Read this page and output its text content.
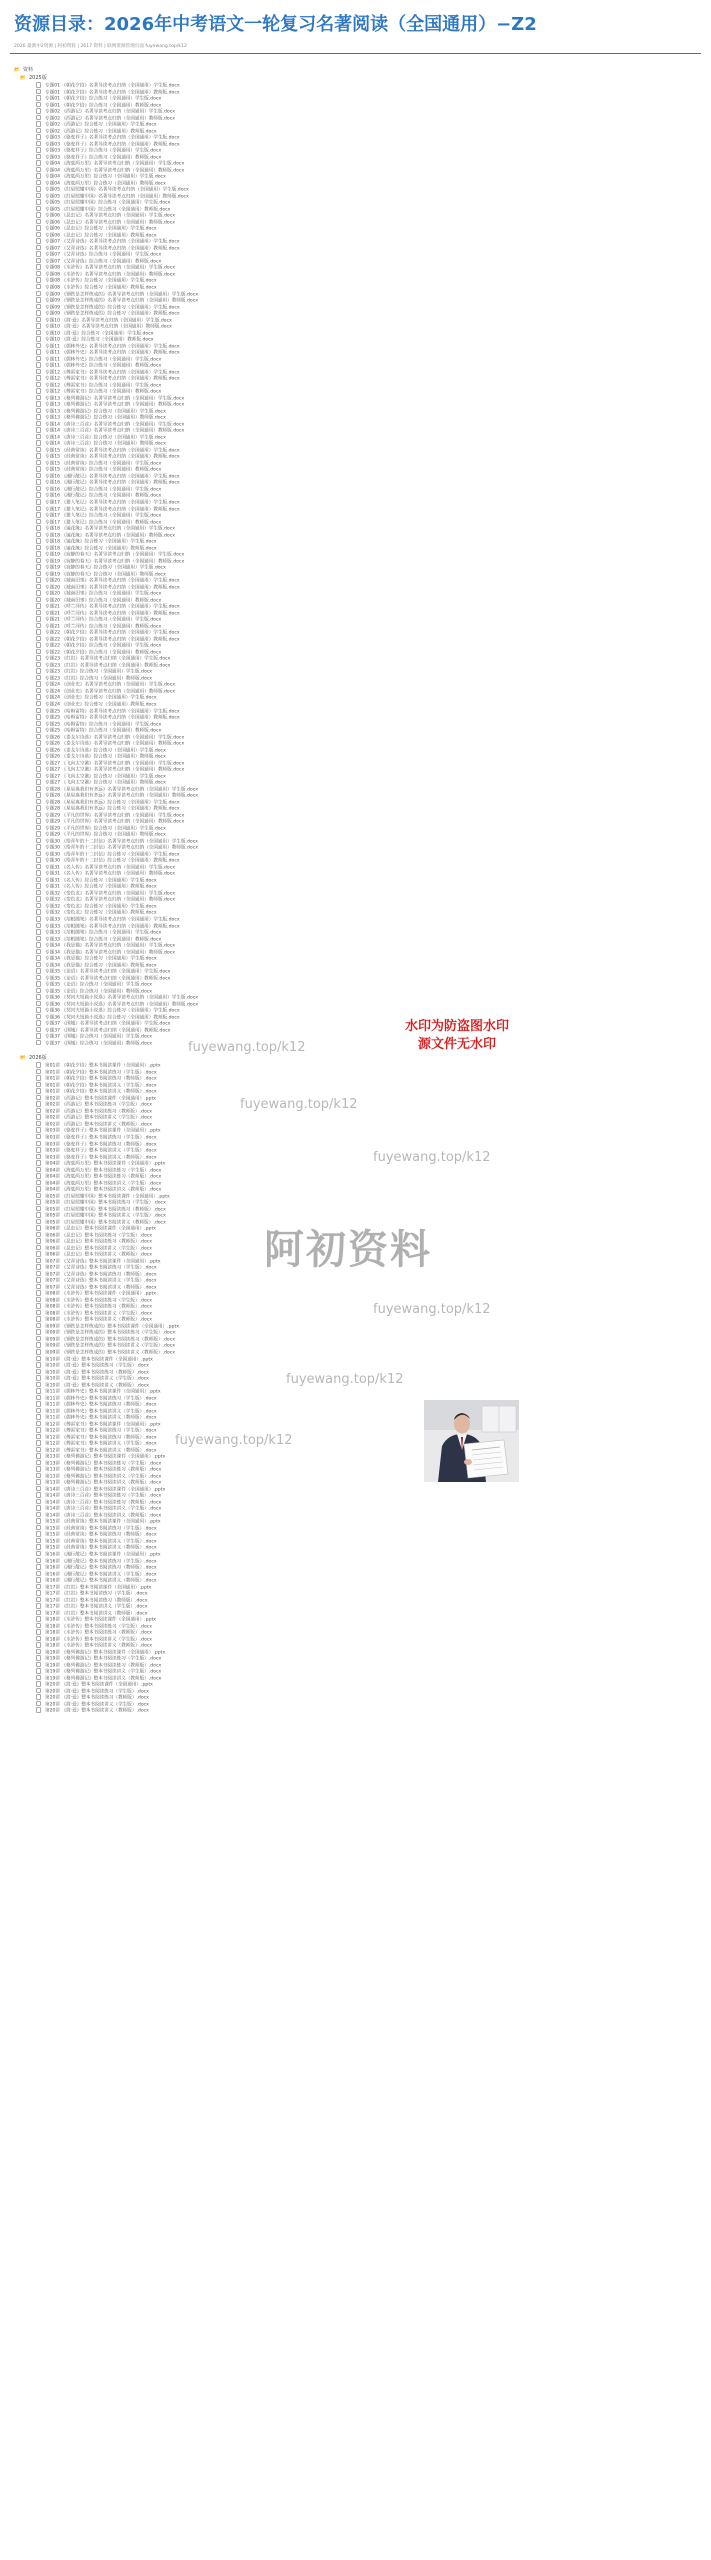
资源目录：2026年中考语文一轮复习名著阅读（全国通用）−Z2
2026 最新中2资源 | 阿初资料 | 2617 资料 | 联网资源管理页面 fuyewang.top/k12
📂 资料
📂 2025版
专题01 《朝花夕拾》名著导读考点归纳（全国通用）学生版.docx
专题01 《朝花夕拾》名著导读考点归纳（全国通用）教师版.docx
专题01 《朝花夕拾》综合练习（全国通用）学生版.docx
专题01 《朝花夕拾》综合练习（全国通用）教师版.docx
专题02 《西游记》名著导读考点归纳（全国通用）学生版.docx
专题02 《西游记》名著导读考点归纳（全国通用）教师版.docx
专题02 《西游记》综合练习（全国通用）学生版.docx
专题02 《西游记》综合练习（全国通用）教师版.docx
专题03 《骆驼祥子》名著导读考点归纳（全国通用）学生版.docx
专题03 《骆驼祥子》名著导读考点归纳（全国通用）教师版.docx
专题03 《骆驼祥子》综合练习（全国通用）学生版.docx
专题03 《骆驼祥子》综合练习（全国通用）教师版.docx
专题04 《海底两万里》名著导读考点归纳（全国通用）学生版.docx
专题04 《海底两万里》名著导读考点归纳（全国通用）教师版.docx
专题04 《海底两万里》综合练习（全国通用）学生版.docx
专题04 《海底两万里》综合练习（全国通用）教师版.docx
专题05 《红星照耀中国》名著导读考点归纳（全国通用）学生版.docx
专题05 《红星照耀中国》名著导读考点归纳（全国通用）教师版.docx
专题05 《红星照耀中国》综合练习（全国通用）学生版.docx
专题05 《红星照耀中国》综合练习（全国通用）教师版.docx
专题06 《昆虫记》名著导读考点归纳（全国通用）学生版.docx
专题06 《昆虫记》名著导读考点归纳（全国通用）教师版.docx
专题06 《昆虫记》综合练习（全国通用）学生版.docx
专题06 《昆虫记》综合练习（全国通用）教师版.docx
专题07 《艾青诗选》名著导读考点归纳（全国通用）学生版.docx
专题07 《艾青诗选》名著导读考点归纳（全国通用）教师版.docx
专题07 《艾青诗选》综合练习（全国通用）学生版.docx
专题07 《艾青诗选》综合练习（全国通用）教师版.docx
专题08 《水浒传》名著导读考点归纳（全国通用）学生版.docx
专题08 《水浒传》名著导读考点归纳（全国通用）教师版.docx
专题08 《水浒传》综合练习（全国通用）学生版.docx
专题08 《水浒传》综合练习（全国通用）教师版.docx
专题09 《钢铁是怎样炼成的》名著导读考点归纳（全国通用）学生版.docx
专题09 《钢铁是怎样炼成的》名著导读考点归纳（全国通用）教师版.docx
专题09 《钢铁是怎样炼成的》综合练习（全国通用）学生版.docx
专题09 《钢铁是怎样炼成的》综合练习（全国通用）教师版.docx
专题10 《简·爱》名著导读考点归纳（全国通用）学生版.docx
专题10 《简·爱》名著导读考点归纳（全国通用）教师版.docx
专题10 《简·爱》综合练习（全国通用）学生版.docx
专题10 《简·爱》综合练习（全国通用）教师版.docx
专题11 《儒林外史》名著导读考点归纳（全国通用）学生版.docx
专题11 《儒林外史》名著导读考点归纳（全国通用）教师版.docx
专题11 《儒林外史》综合练习（全国通用）学生版.docx
专题11 《儒林外史》综合练习（全国通用）教师版.docx
专题12 《傅雷家书》名著导读考点归纳（全国通用）学生版.docx
专题12 《傅雷家书》名著导读考点归纳（全国通用）教师版.docx
专题12 《傅雷家书》综合练习（全国通用）学生版.docx
专题12 《傅雷家书》综合练习（全国通用）教师版.docx
专题13 《格列佛游记》名著导读考点归纳（全国通用）学生版.docx
专题13 《格列佛游记》名著导读考点归纳（全国通用）教师版.docx
专题13 《格列佛游记》综合练习（全国通用）学生版.docx
专题13 《格列佛游记》综合练习（全国通用）教师版.docx
专题14 《唐诗三百首》名著导读考点归纳（全国通用）学生版.docx
专题14 《唐诗三百首》名著导读考点归纳（全国通用）教师版.docx
专题14 《唐诗三百首》综合练习（全国通用）学生版.docx
专题14 《唐诗三百首》综合练习（全国通用）教师版.docx
专题15 《经典常谈》名著导读考点归纳（全国通用）学生版.docx
专题15 《经典常谈》名著导读考点归纳（全国通用）教师版.docx
专题15 《经典常谈》综合练习（全国通用）学生版.docx
专题15 《经典常谈》综合练习（全国通用）教师版.docx
专题16 《湘行散记》名著导读考点归纳（全国通用）学生版.docx
专题16 《湘行散记》名著导读考点归纳（全国通用）教师版.docx
专题16 《湘行散记》综合练习（全国通用）学生版.docx
专题16 《湘行散记》综合练习（全国通用）教师版.docx
专题17 《猎人笔记》名著导读考点归纳（全国通用）学生版.docx
专题17 《猎人笔记》名著导读考点归纳（全国通用）教师版.docx
专题17 《猎人笔记》综合练习（全国通用）学生版.docx
专题17 《猎人笔记》综合练习（全国通用）教师版.docx
专题18 《镜花缘》名著导读考点归纳（全国通用）学生版.docx
专题18 《镜花缘》名著导读考点归纳（全国通用）教师版.docx
专题18 《镜花缘》综合练习（全国通用）学生版.docx
专题18 《镜花缘》综合练习（全国通用）教师版.docx
专题19 《寂静的春天》名著导读考点归纳（全国通用）学生版.docx
专题19 《寂静的春天》名著导读考点归纳（全国通用）教师版.docx
专题19 《寂静的春天》综合练习（全国通用）学生版.docx
专题19 《寂静的春天》综合练习（全国通用）教师版.docx
专题20 《城南旧事》名著导读考点归纳（全国通用）学生版.docx
专题20 《城南旧事》名著导读考点归纳（全国通用）教师版.docx
专题20 《城南旧事》综合练习（全国通用）学生版.docx
专题20 《城南旧事》综合练习（全国通用）教师版.docx
专题21 《呼兰河传》名著导读考点归纳（全国通用）学生版.docx
专题21 《呼兰河传》名著导读考点归纳（全国通用）教师版.docx
专题21 《呼兰河传》综合练习（全国通用）学生版.docx
专题21 《呼兰河传》综合练习（全国通用）教师版.docx
专题22 《朝花夕拾》名著导读考点归纳（全国通用）学生版.docx
专题22 《朝花夕拾》名著导读考点归纳（全国通用）教师版.docx
专题22 《朝花夕拾》综合练习（全国通用）学生版.docx
专题22 《朝花夕拾》综合练习（全国通用）教师版.docx
专题23 《红岩》名著导读考点归纳（全国通用）学生版.docx
专题23 《红岩》名著导读考点归纳（全国通用）教师版.docx
专题23 《红岩》综合练习（全国通用）学生版.docx
专题23 《红岩》综合练习（全国通用）教师版.docx
专题24 《创业史》名著导读考点归纳（全国通用）学生版.docx
专题24 《创业史》名著导读考点归纳（全国通用）教师版.docx
专题24 《创业史》综合练习（全国通用）学生版.docx
专题24 《创业史》综合练习（全国通用）教师版.docx
专题25 《哈姆雷特》名著导读考点归纳（全国通用）学生版.docx
专题25 《哈姆雷特》名著导读考点归纳（全国通用）教师版.docx
专题25 《哈姆雷特》综合练习（全国通用）学生版.docx
专题25 《哈姆雷特》综合练习（全国通用）教师版.docx
专题26 《泰戈尔诗选》名著导读考点归纳（全国通用）学生版.docx
专题26 《泰戈尔诗选》名著导读考点归纳（全国通用）教师版.docx
专题26 《泰戈尔诗选》综合练习（全国通用）学生版.docx
专题26 《泰戈尔诗选》综合练习（全国通用）教师版.docx
专题27 《飞向太空港》名著导读考点归纳（全国通用）学生版.docx
专题27 《飞向太空港》名著导读考点归纳（全国通用）教师版.docx
专题27 《飞向太空港》综合练习（全国通用）学生版.docx
专题27 《飞向太空港》综合练习（全国通用）教师版.docx
专题28 《星星离我们有多远》名著导读考点归纳（全国通用）学生版.docx
专题28 《星星离我们有多远》名著导读考点归纳（全国通用）教师版.docx
专题28 《星星离我们有多远》综合练习（全国通用）学生版.docx
专题28 《星星离我们有多远》综合练习（全国通用）教师版.docx
专题29 《平凡的世界》名著导读考点归纳（全国通用）学生版.docx
专题29 《平凡的世界》名著导读考点归纳（全国通用）教师版.docx
专题29 《平凡的世界》综合练习（全国通用）学生版.docx
专题29 《平凡的世界》综合练习（全国通用）教师版.docx
专题30 《给青年的十二封信》名著导读考点归纳（全国通用）学生版.docx
专题30 《给青年的十二封信》名著导读考点归纳（全国通用）教师版.docx
专题30 《给青年的十二封信》综合练习（全国通用）学生版.docx
专题30 《给青年的十二封信》综合练习（全国通用）教师版.docx
专题31 《名人传》名著导读考点归纳（全国通用）学生版.docx
专题31 《名人传》名著导读考点归纳（全国通用）教师版.docx
专题31 《名人传》综合练习（全国通用）学生版.docx
专题31 《名人传》综合练习（全国通用）教师版.docx
专题32 《变色龙》名著导读考点归纳（全国通用）学生版.docx
专题32 《变色龙》名著导读考点归纳（全国通用）教师版.docx
专题32 《变色龙》综合练习（全国通用）学生版.docx
专题32 《变色龙》综合练习（全国通用）教师版.docx
专题33 《培根随笔》名著导读考点归纳（全国通用）学生版.docx
专题33 《培根随笔》名著导读考点归纳（全国通用）教师版.docx
专题33 《培根随笔》综合练习（全国通用）学生版.docx
专题33 《培根随笔》综合练习（全国通用）教师版.docx
专题34 《我是猫》名著导读考点归纳（全国通用）学生版.docx
专题34 《我是猫》名著导读考点归纳（全国通用）教师版.docx
专题34 《我是猫》综合练习（全国通用）学生版.docx
专题34 《我是猫》综合练习（全国通用）教师版.docx
专题35 《论语》名著导读考点归纳（全国通用）学生版.docx
专题35 《论语》名著导读考点归纳（全国通用）教师版.docx
专题35 《论语》综合练习（全国通用）学生版.docx
专题35 《论语》综合练习（全国通用）教师版.docx
专题36 《契诃夫短篇小说选》名著导读考点归纳（全国通用）学生版.docx
专题36 《契诃夫短篇小说选》名著导读考点归纳（全国通用）教师版.docx
专题36 《契诃夫短篇小说选》综合练习（全国通用）学生版.docx
专题36 《契诃夫短篇小说选》综合练习（全国通用）教师版.docx
专题37 《围城》名著导读考点归纳（全国通用）学生版.docx
专题37 《围城》名著导读考点归纳（全国通用）教师版.docx
专题37 《围城》综合练习（全国通用）学生版.docx
专题37 《围城》综合练习（全国通用）教师版.docx
📂 2026版
第01讲 《朝花夕拾》整本书阅读课件（全国通用）.pptx
第01讲 《朝花夕拾》整本书阅读练习（学生版）.docx
第01讲 《朝花夕拾》整本书阅读练习（教师版）.docx
第01讲 《朝花夕拾》整本书阅读讲义（学生版）.docx
第01讲 《朝花夕拾》整本书阅读讲义（教师版）.docx
第02讲 《西游记》整本书阅读课件（全国通用）.pptx
第02讲 《西游记》整本书阅读练习（学生版）.docx
第02讲 《西游记》整本书阅读练习（教师版）.docx
第02讲 《西游记》整本书阅读讲义（学生版）.docx
第02讲 《西游记》整本书阅读讲义（教师版）.docx
第03讲 《骆驼祥子》整本书阅读课件（全国通用）.pptx
第03讲 《骆驼祥子》整本书阅读练习（学生版）.docx
第03讲 《骆驼祥子》整本书阅读练习（教师版）.docx
第03讲 《骆驼祥子》整本书阅读讲义（学生版）.docx
第03讲 《骆驼祥子》整本书阅读讲义（教师版）.docx
第04讲 《海底两万里》整本书阅读课件（全国通用）.pptx
第04讲 《海底两万里》整本书阅读练习（学生版）.docx
第04讲 《海底两万里》整本书阅读练习（教师版）.docx
第04讲 《海底两万里》整本书阅读讲义（学生版）.docx
第04讲 《海底两万里》整本书阅读讲义（教师版）.docx
第05讲 《红星照耀中国》整本书阅读课件（全国通用）.pptx
第05讲 《红星照耀中国》整本书阅读练习（学生版）.docx
第05讲 《红星照耀中国》整本书阅读练习（教师版）.docx
第05讲 《红星照耀中国》整本书阅读讲义（学生版）.docx
第05讲 《红星照耀中国》整本书阅读讲义（教师版）.docx
第06讲 《昆虫记》整本书阅读课件（全国通用）.pptx
第06讲 《昆虫记》整本书阅读练习（学生版）.docx
第06讲 《昆虫记》整本书阅读练习（教师版）.docx
第06讲 《昆虫记》整本书阅读讲义（学生版）.docx
第06讲 《昆虫记》整本书阅读讲义（教师版）.docx
第07讲 《艾青诗选》整本书阅读课件（全国通用）.pptx
第07讲 《艾青诗选》整本书阅读练习（学生版）.docx
第07讲 《艾青诗选》整本书阅读练习（教师版）.docx
第07讲 《艾青诗选》整本书阅读讲义（学生版）.docx
第07讲 《艾青诗选》整本书阅读讲义（教师版）.docx
第08讲 《水浒传》整本书阅读课件（全国通用）.pptx
第08讲 《水浒传》整本书阅读练习（学生版）.docx
第08讲 《水浒传》整本书阅读练习（教师版）.docx
第08讲 《水浒传》整本书阅读讲义（学生版）.docx
第08讲 《水浒传》整本书阅读讲义（教师版）.docx
第09讲 《钢铁是怎样炼成的》整本书阅读课件（全国通用）.pptx
第09讲 《钢铁是怎样炼成的》整本书阅读练习（学生版）.docx
第09讲 《钢铁是怎样炼成的》整本书阅读练习（教师版）.docx
第09讲 《钢铁是怎样炼成的》整本书阅读讲义（学生版）.docx
第09讲 《钢铁是怎样炼成的》整本书阅读讲义（教师版）.docx
第10讲 《简·爱》整本书阅读课件（全国通用）.pptx
第10讲 《简·爱》整本书阅读练习（学生版）.docx
第10讲 《简·爱》整本书阅读练习（教师版）.docx
第10讲 《简·爱》整本书阅读讲义（学生版）.docx
第10讲 《简·爱》整本书阅读讲义（教师版）.docx
第11讲 《儒林外史》整本书阅读课件（全国通用）.pptx
第11讲 《儒林外史》整本书阅读练习（学生版）.docx
第11讲 《儒林外史》整本书阅读练习（教师版）.docx
第11讲 《儒林外史》整本书阅读讲义（学生版）.docx
第11讲 《儒林外史》整本书阅读讲义（教师版）.docx
第12讲 《傅雷家书》整本书阅读课件（全国通用）.pptx
第12讲 《傅雷家书》整本书阅读练习（学生版）.docx
第12讲 《傅雷家书》整本书阅读练习（教师版）.docx
第12讲 《傅雷家书》整本书阅读讲义（学生版）.docx
第12讲 《傅雷家书》整本书阅读讲义（教师版）.docx
第13讲 《格列佛游记》整本书阅读课件（全国通用）.pptx
第13讲 《格列佛游记》整本书阅读练习（学生版）.docx
第13讲 《格列佛游记》整本书阅读练习（教师版）.docx
第13讲 《格列佛游记》整本书阅读讲义（学生版）.docx
第13讲 《格列佛游记》整本书阅读讲义（教师版）.docx
第14讲 《唐诗三百首》整本书阅读课件（全国通用）.pptx
第14讲 《唐诗三百首》整本书阅读练习（学生版）.docx
第14讲 《唐诗三百首》整本书阅读练习（教师版）.docx
第14讲 《唐诗三百首》整本书阅读讲义（学生版）.docx
第14讲 《唐诗三百首》整本书阅读讲义（教师版）.docx
第15讲 《经典常谈》整本书阅读课件（全国通用）.pptx
第15讲 《经典常谈》整本书阅读练习（学生版）.docx
第15讲 《经典常谈》整本书阅读练习（教师版）.docx
第15讲 《经典常谈》整本书阅读讲义（学生版）.docx
第15讲 《经典常谈》整本书阅读讲义（教师版）.docx
第16讲 《湘行散记》整本书阅读课件（全国通用）.pptx
第16讲 《湘行散记》整本书阅读练习（学生版）.docx
第16讲 《湘行散记》整本书阅读练习（教师版）.docx
第16讲 《湘行散记》整本书阅读讲义（学生版）.docx
第16讲 《湘行散记》整本书阅读讲义（教师版）.docx
第17讲 《红岩》整本书阅读课件（全国通用）.pptx
第17讲 《红岩》整本书阅读练习（学生版）.docx
第17讲 《红岩》整本书阅读练习（教师版）.docx
第17讲 《红岩》整本书阅读讲义（学生版）.docx
第17讲 《红岩》整本书阅读讲义（教师版）.docx
第18讲 《水浒传》整本书阅读课件（全国通用）.pptx
第18讲 《水浒传》整本书阅读练习（学生版）.docx
第18讲 《水浒传》整本书阅读练习（教师版）.docx
第18讲 《水浒传》整本书阅读讲义（学生版）.docx
第18讲 《水浒传》整本书阅读讲义（教师版）.docx
第19讲 《格列佛游记》整本书阅读课件（全国通用）.pptx
第19讲 《格列佛游记》整本书阅读练习（学生版）.docx
第19讲 《格列佛游记》整本书阅读练习（教师版）.docx
第19讲 《格列佛游记》整本书阅读讲义（学生版）.docx
第19讲 《格列佛游记》整本书阅读讲义（教师版）.docx
第20讲 《简·爱》整本书阅读课件（全国通用）.pptx
第20讲 《简·爱》整本书阅读练习（学生版）.docx
第20讲 《简·爱》整本书阅读练习（教师版）.docx
第20讲 《简·爱》整本书阅读讲义（学生版）.docx
第20讲 《简·爱》整本书阅读讲义（教师版）.docx
fuyewang.top/k12
fuyewang.top/k12
fuyewang.top/k12
fuyewang.top/k12
fuyewang.top/k12
fuyewang.top/k12
水印为防盗图水印
源文件无水印
阿初资料
